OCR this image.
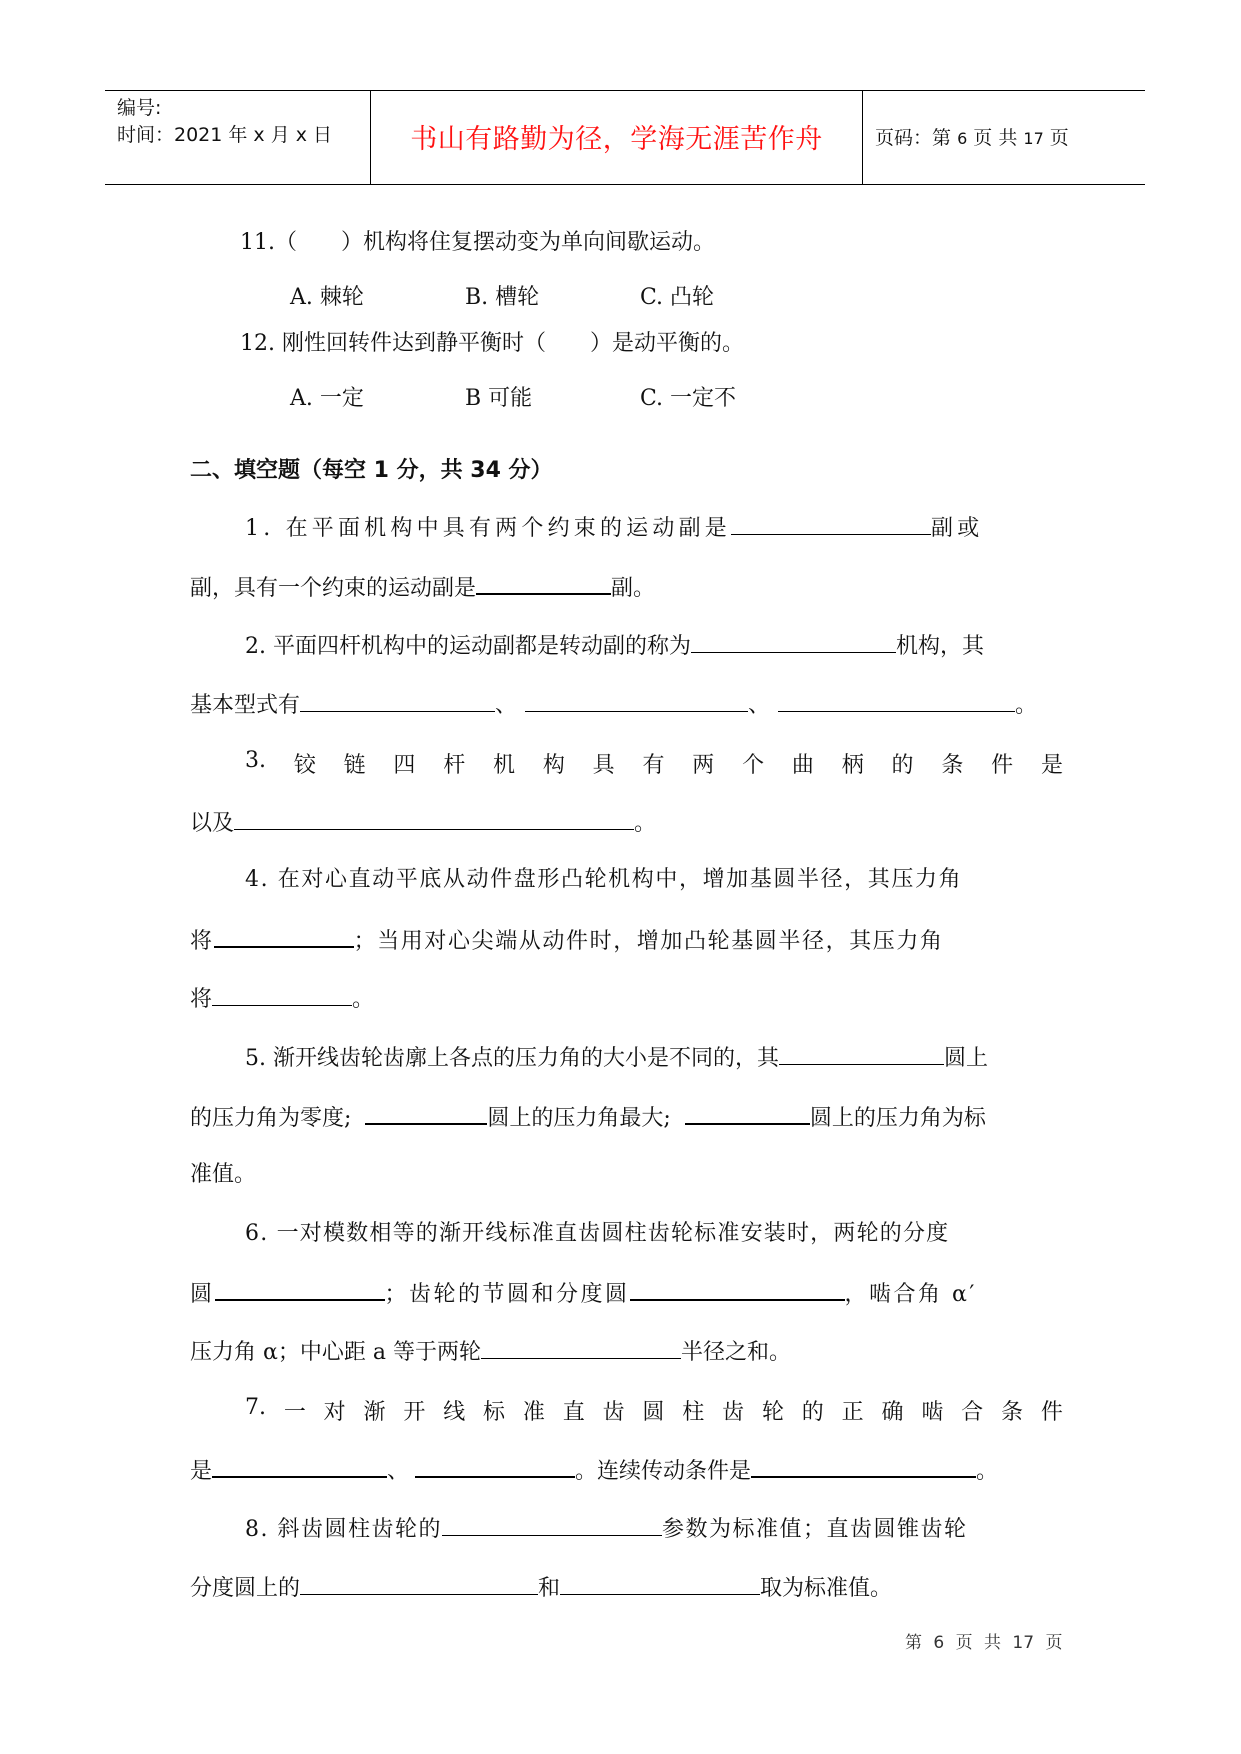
编号:
时间：2021 年 x 月 x 日	书山有路勤为径，学海无涯苦作舟	页码：第 6 页 共 17 页
11.（　　）机构将住复摆动变为单向间歇运动。
A. 棘轮	B. 槽轮	C. 凸轮
12. 刚性回转件达到静平衡时（　　）是动平衡的。
A. 一定	B 可能	C. 一定不
二、填空题（每空 1 分，共 34 分）
1. 在平面机构中具有两个约束的运动副是	副或
副，具有一个约束的运动副是	副。
2. 平面四杆机构中的运动副都是转动副的称为	机构，其
基本型式有	、	、	。
3. 铰 链 四 杆 机 构 具 有 两 个 曲 柄 的 条 件 是
以及	。
4. 在对心直动平底从动件盘形凸轮机构中，增加基圆半径，其压力角
将	；当用对心尖端从动件时，增加凸轮基圆半径，其压力角
将	。
5. 渐开线齿轮齿廓上各点的压力角的大小是不同的，其	圆上
的压力角为零度;	圆上的压力角最大;	圆上的压力角为标
准值。
6. 一对模数相等的渐开线标准直齿圆柱齿轮标准安装时，两轮的分度
圆	；齿轮的节圆和分度圆	，啮合角 α′
压力角 α；中心距 a 等于两轮	半径之和。
7. 一 对 渐 开 线 标 准 直 齿 圆 柱 齿 轮 的 正 确 啮 合 条 件
是	、	。连续传动条件是	。
8. 斜齿圆柱齿轮的	参数为标准值；直齿圆锥齿轮
分度圆上的	和	取为标准值。
第 6 页 共 17 页
